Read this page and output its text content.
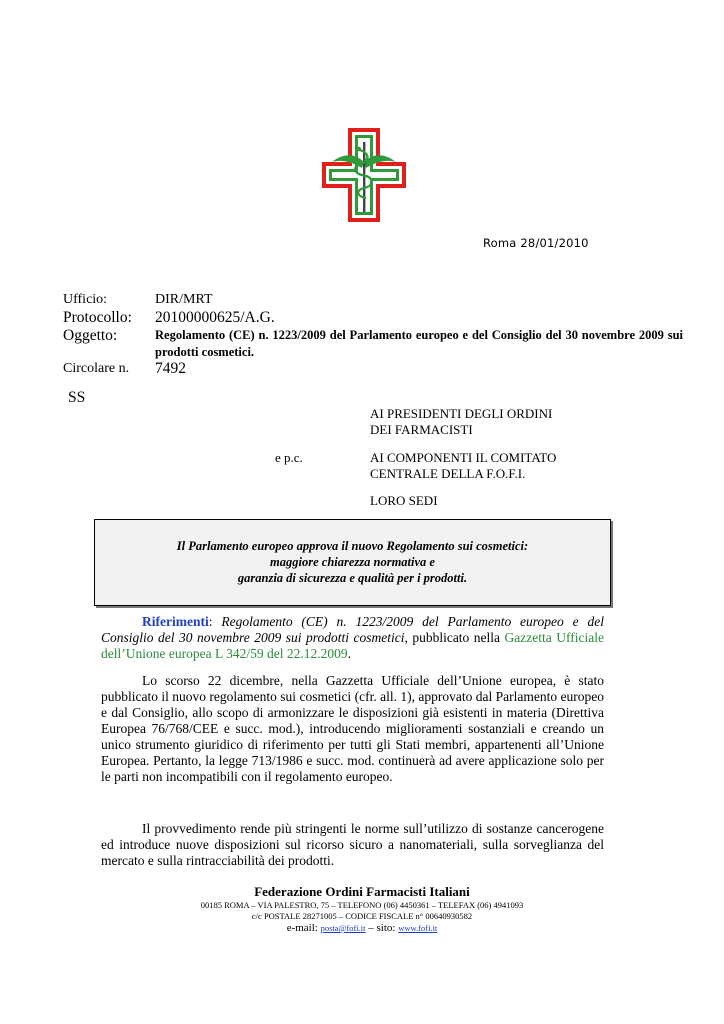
Roma 28/01/2010
Ufficio:	DIR/MRT
Protocollo: 20100000625/A.G.
Oggetto:	Regolamento (CE) n. 1223/2009 del Parlamento europeo e del Consiglio del 30 novembre 2009 sui prodotti cosmetici.
Circolare n. 7492
SS
AI PRESIDENTI DEGLI ORDINI
DEI FARMACISTI
e p.c.	AI COMPONENTI IL COMITATO
CENTRALE DELLA F.O.F.I.
LORO SEDI
Il Parlamento europeo approva il nuovo Regolamento sui cosmetici:
maggiore chiarezza normativa e
garanzia di sicurezza e qualità per i prodotti.

Riferimenti: Regolamento (CE) n. 1223/2009 del Parlamento europeo e del Consiglio del 30 novembre 2009 sui prodotti cosmetici, pubblicato nella Gazzetta Ufficiale dell’Unione europea L 342/59 del 22.12.2009.

Lo scorso 22 dicembre, nella Gazzetta Ufficiale dell’Unione europea, è stato pubblicato il nuovo regolamento sui cosmetici (cfr. all. 1), approvato dal Parlamento europeo e dal Consiglio, allo scopo di armonizzare le disposizioni già esistenti in materia (Direttiva Europea 76/768/CEE e succ. mod.), introducendo miglioramenti sostanziali e creando un unico strumento giuridico di riferimento per tutti gli Stati membri, appartenenti all’Unione Europea. Pertanto, la legge 713/1986 e succ. mod. continuerà ad avere applicazione solo per le parti non incompatibili con il regolamento europeo.

Il provvedimento rende più stringenti le norme sull’utilizzo di sostanze cancerogene ed introduce nuove disposizioni sul ricorso sicuro a nanomateriali, sulla sorveglianza del mercato e sulla rintracciabilità dei prodotti.

Federazione Ordini Farmacisti Italiani
00185 ROMA – VIA PALESTRO, 75 – TELEFONO (06) 4450361 – TELEFAX (06) 4941093
c/c POSTALE 28271005 – CODICE FISCALE n° 00640930582
e-mail: posta@fofi.it – sito: www.fofi.it
